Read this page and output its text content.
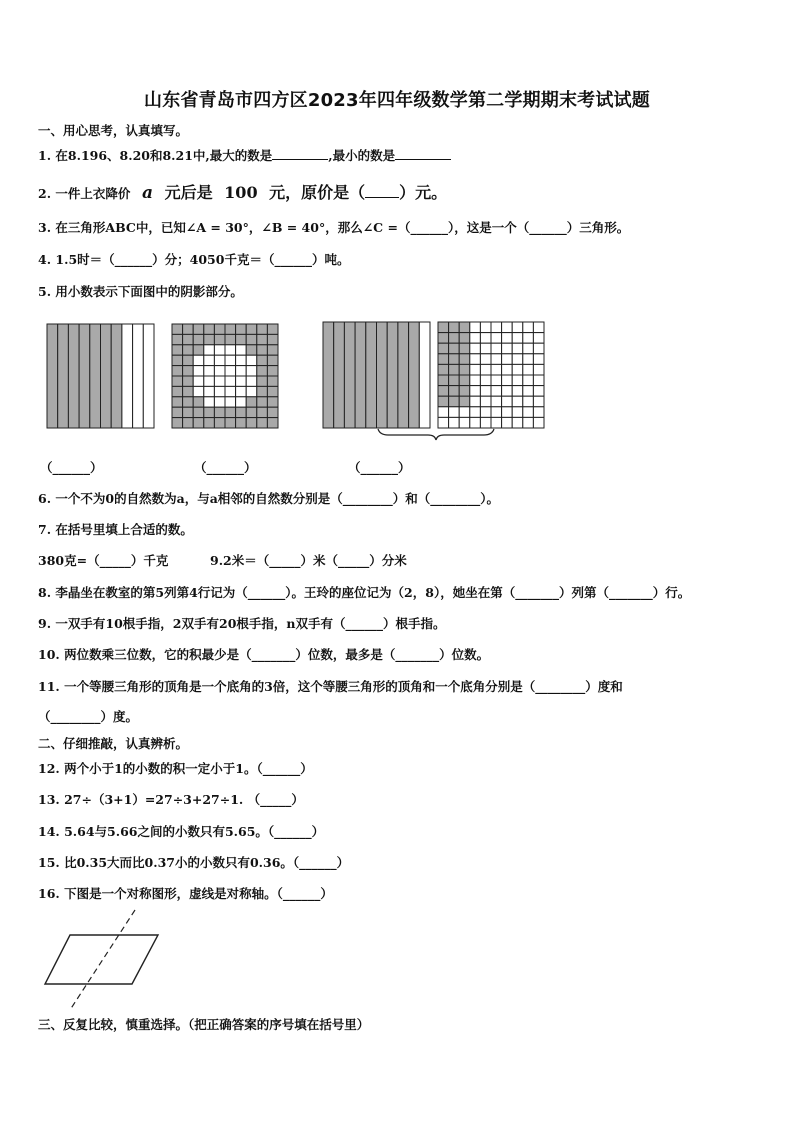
山东省青岛市四方区2023年四年级数学第二学期期末考试试题
一、用心思考，认真填写。
1. 在8.196、8.20和8.21中,最大的数是	,最小的数是
2. 一件上衣降价 a 元后是 100 元，原价是（ ）元。
3. 在三角形ABC中，已知∠A = 30°，∠B = 40°，那么∠C =（______），这是一个（______）三角形。
4. 1.5时＝（______）分；4050千克＝（______）吨。
5. 用小数表示下面图中的阴影部分。
（______）	（______）	（______）
6. 一个不为0的自然数为a，与a相邻的自然数分别是（________）和（________）。
7. 在括号里填上合适的数。
380克=（_____）千克	9.2米＝（_____）米（_____）分米
8. 李晶坐在教室的第5列第4行记为（______）。王玲的座位记为（2，8），她坐在第（_______）列第（_______）行。
9. 一双手有10根手指，2双手有20根手指，n双手有（______）根手指。
10. 两位数乘三位数，它的积最少是（_______）位数，最多是（_______）位数。
11. 一个等腰三角形的顶角是一个底角的3倍，这个等腰三角形的顶角和一个底角分别是（________）度和
（________）度。
二、仔细推敲，认真辨析。
12. 两个小于1的小数的积一定小于1。（______）
13. 27÷（3+1）=27÷3+27÷1. （_____）
14. 5.64与5.66之间的小数只有5.65。（______）
15. 比0.35大而比0.37小的小数只有0.36。（______）
16. 下图是一个对称图形，虚线是对称轴。（______）
三、反复比较，慎重选择。（把正确答案的序号填在括号里）
